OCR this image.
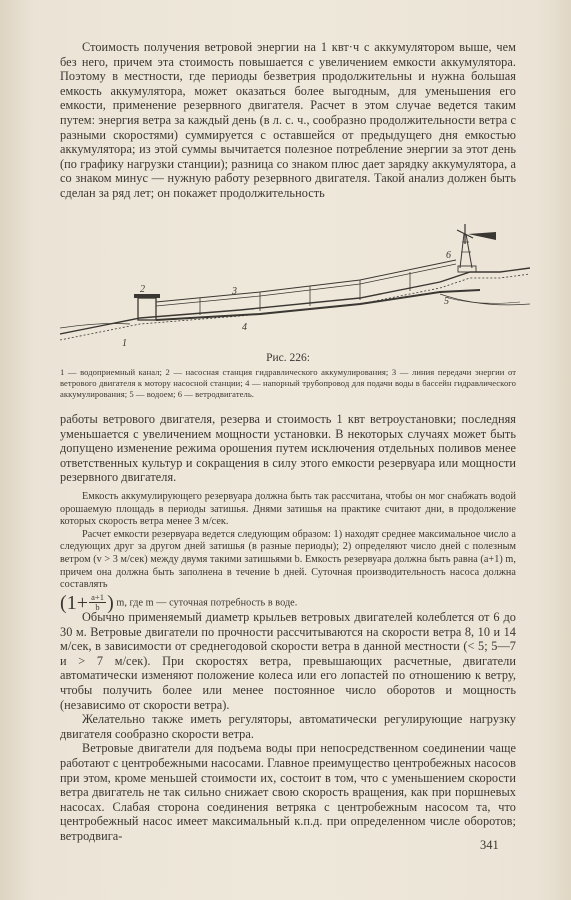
Стоимость получения ветровой энергии на 1 квт·ч с аккумулятором выше, чем без него, причем эта стоимость повышается с увеличением емкости аккумулятора. Поэтому в местности, где периоды безветрия продолжительны и нужна большая емкость аккумулятора, может оказаться более выгодным, для уменьшения его емкости, применение резервного двигателя. Расчет в этом случае ведется таким путем: энергия ветра за каждый день (в л. с. ч., сообразно продолжительности ветра с разными скоростями) суммируется с оставшейся от предыдущего дня емкостью аккумулятора; из этой суммы вычитается полезное потребление энергии за этот день (по графику нагрузки станции); разница со знаком плюс дает зарядку аккумулятора, а со знаком минус — нужную работу резервного двигателя. Такой анализ должен быть сделан за ряд лет; он покажет продолжительность

1
2	3
4
5
6

Рис. 226:

1 — водоприемный канал; 2 — насосная станция гидравлического аккумулирования; 3 — линия передачи энергии от ветрового двигателя к мотору насосной станции; 4 — напорный трубопровод для подачи воды в бассейн гидравлического аккумулирования; 5 — водоем; 6 — ветродвигатель.

работы ветрового двигателя, резерва и стоимость 1 квт ветроустановки; последняя уменьшается с увеличением мощности установки. В некоторых случаях может быть допущено изменение режима орошения путем исключения отдельных поливов менее ответственных культур и сокращения в силу этого емкости резервуара или мощности резервного двигателя.

Емкость аккумулирующего резервуара должна быть так рассчитана, чтобы он мог снабжать водой орошаемую площадь в периоды затишья. Днями затишья на практике считают дни, в продолжение которых скорость ветра менее 3 м/сек.

Расчет емкости резервуара ведется следующим образом: 1) находят среднее максимальное число a следующих друг за другом дней затишья (в разные периоды); 2) определяют число дней с полезным ветром (v > 3 м/сек) между двумя такими затишьями b. Емкость резервуара должна быть равна (a+1) m, причем она должна быть заполнена в течение b дней. Суточная производительность насоса должна составлять

($1+ \frac{a+1}{b}$ ) m, где m — суточная потребность в воде.

Обычно применяемый диаметр крыльев ветровых двигателей колеблется от 6 до 30 м. Ветровые двигатели по прочности рассчитываются на скорости ветра 8, 10 и 14 м/сек, в зависимости от среднегодовой скорости ветра в данной местности (< 5; 5—7 и > 7 м/сек). При скоростях ветра, превышающих расчетные, двигатели автоматически изменяют положение колеса или его лопастей по отношению к ветру, чтобы получить более или менее постоянное число оборотов и мощность (независимо от скорости ветра).

Желательно также иметь регуляторы, автоматически регулирующие нагрузку двигателя сообразно скорости ветра.

Ветровые двигатели для подъема воды при непосредственном соединении чаще работают с центробежными насосами. Главное преимущество центробежных насосов при этом, кроме меньшей стоимости их, состоит в том, что с уменьшением скорости ветра двигатель не так сильно снижает свою скорость вращения, как при поршневых насосах. Слабая сторона соединения ветряка с центробежным насосом та, что центробежный насос имеет максимальный к.п.д. при определенном числе оборотов; ветродвига-

341
